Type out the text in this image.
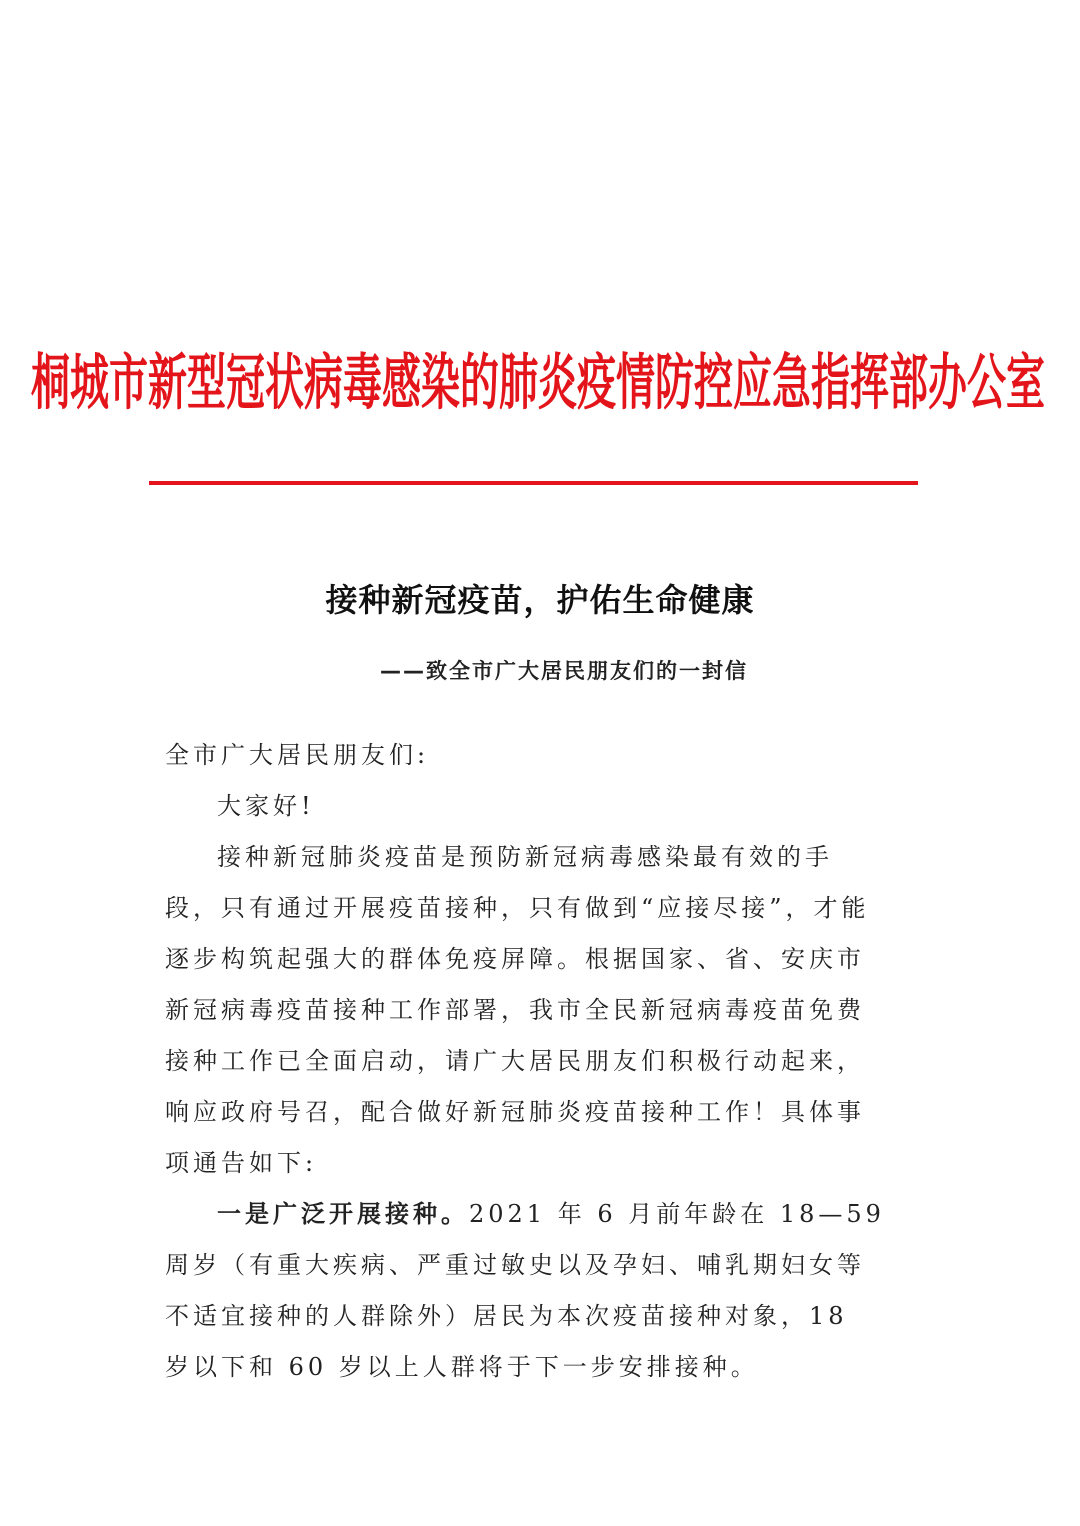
桐城市新型冠状病毒感染的肺炎疫情防控应急指挥部办公室
接种新冠疫苗，护佑生命健康
——致全市广大居民朋友们的一封信

全市广大居民朋友们:

大家好!

接种新冠肺炎疫苗是预防新冠病毒感染最有效的手段，只有通过开展疫苗接种，只有做到“应接尽接”，才能逐步构筑起强大的群体免疫屏障。根据国家、省、安庆市新冠病毒疫苗接种工作部署，我市全民新冠病毒疫苗免费接种工作已全面启动，请广大居民朋友们积极行动起来，响应政府号召，配合做好新冠肺炎疫苗接种工作！具体事项通告如下:

一是广泛开展接种。2021 年 6 月前年龄在 18—59 周岁（有重大疾病、严重过敏史以及孕妇、哺乳期妇女等不适宜接种的人群除外）居民为本次疫苗接种对象，18 岁以下和 60 岁以上人群将于下一步安排接种。
